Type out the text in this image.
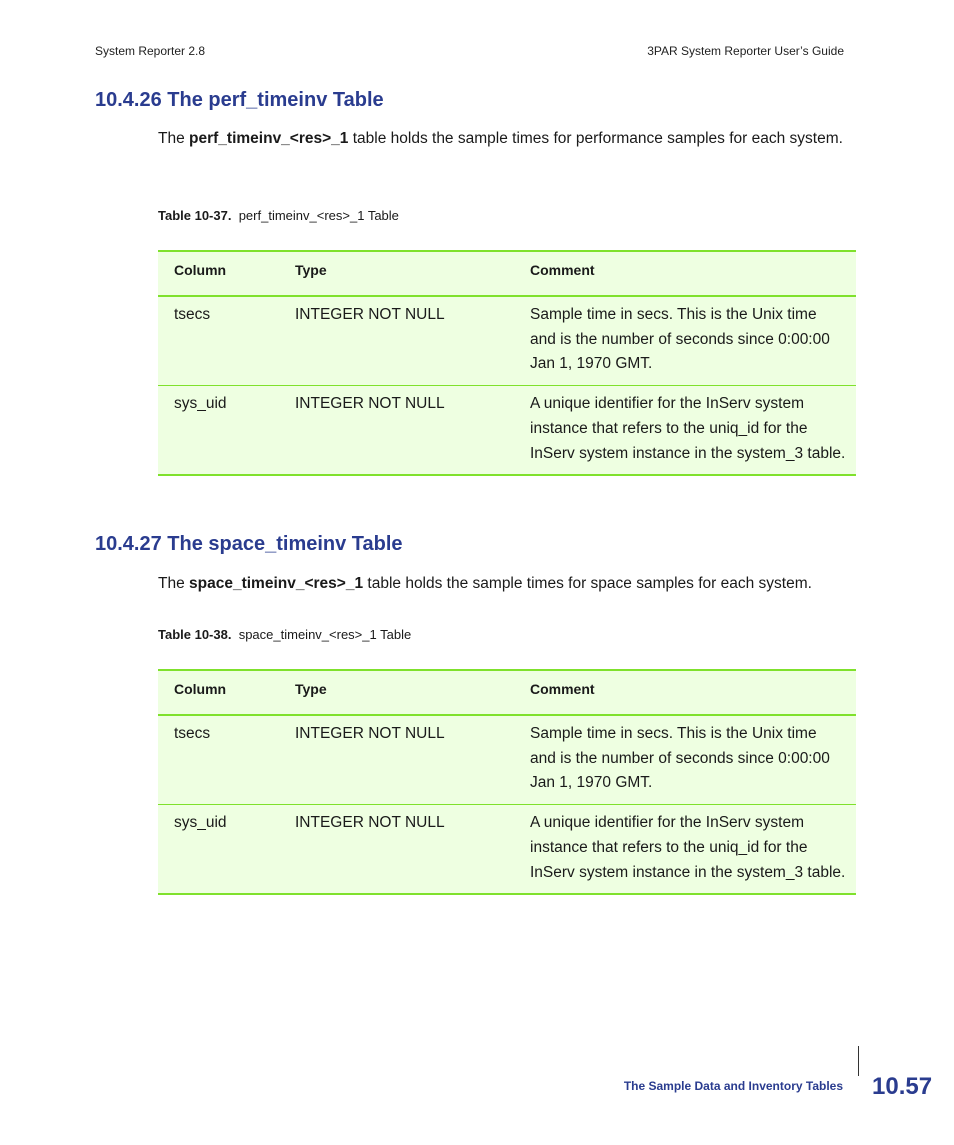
System Reporter 2.8	3PAR System Reporter User’s Guide
10.4.26 The perf_timeinv Table

The perf_timeinv_<res>_1 table holds the sample times for performance samples for each system.

Table 10-37. perf_timeinv_<res>_1 Table
Column	Type	Comment
tsecs	INTEGER NOT NULL	Sample time in secs. This is the Unix time and is the number of seconds since 0:00:00 Jan 1, 1970 GMT.
sys_uid	INTEGER NOT NULL	A unique identifier for the InServ system instance that refers to the uniq_id for the InServ system instance in the system_3 table.
10.4.27 The space_timeinv Table

The space_timeinv_<res>_1 table holds the sample times for space samples for each system.

Table 10-38. space_timeinv_<res>_1 Table
Column	Type	Comment
tsecs	INTEGER NOT NULL	Sample time in secs. This is the Unix time and is the number of seconds since 0:00:00 Jan 1, 1970 GMT.
sys_uid	INTEGER NOT NULL	A unique identifier for the InServ system instance that refers to the uniq_id for the InServ system instance in the system_3 table.
The Sample Data and Inventory Tables 10.57
